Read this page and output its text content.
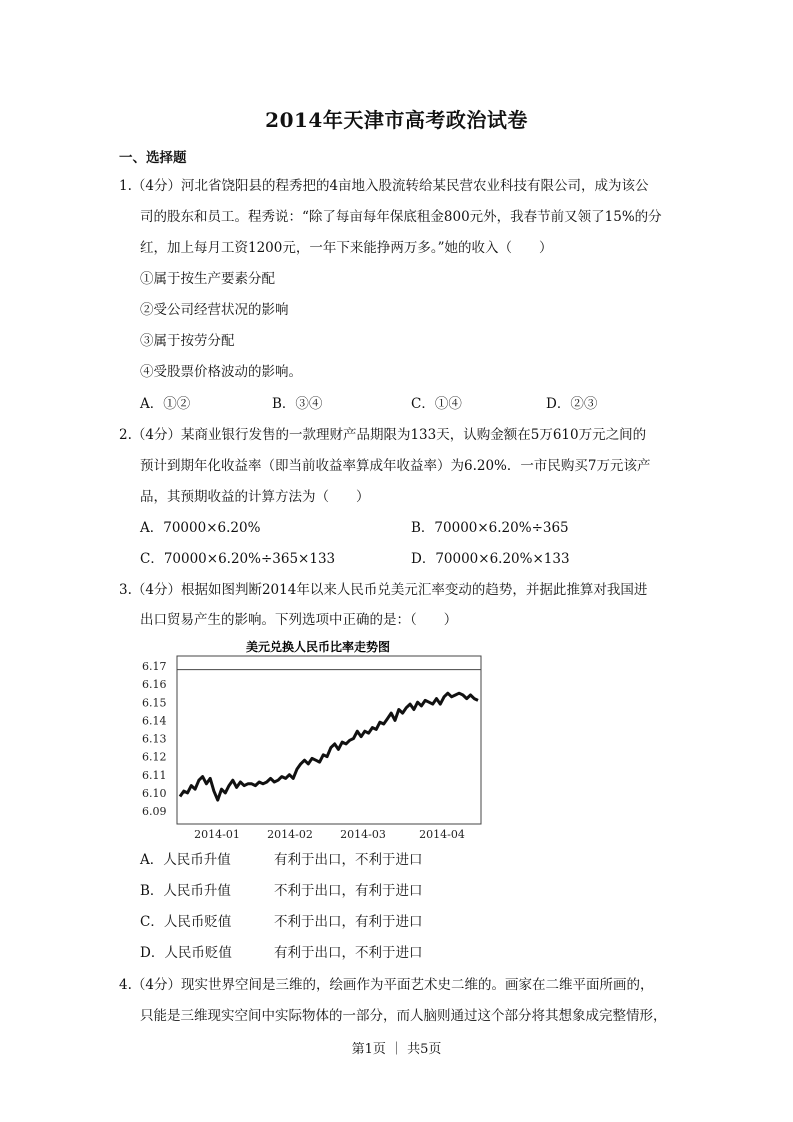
2014年天津市高考政治试卷
一、选择题
1.（4分）河北省饶阳县的程秀把的4亩地入股流转给某民营农业科技有限公司，成为该公
司的股东和员工。程秀说：“除了每亩每年保底租金800元外，我春节前又领了15%的分
红，加上每月工资1200元，一年下来能挣两万多。”她的收入（　　）
①属于按生产要素分配
②受公司经营状况的影响
③属于按劳分配
④受股票价格波动的影响。
A．①②	B．③④	C．①④	D．②③
2.（4分）某商业银行发售的一款理财产品期限为133天，认购金额在5万610万元之间的
预计到期年化收益率（即当前收益率算成年收益率）为6.20%．一市民购买7万元该产
品，其预期收益的计算方法为（　　）
A．70000×6.20%	B．70000×6.20%÷365
C．70000×6.20%÷365×133	D．70000×6.20%×133
3.（4分）根据如图判断2014年以来人民币兑美元汇率变动的趋势，并据此推算对我国进
出口贸易产生的影响。下列选项中正确的是：（　　）
美元兑换人民币比率走势图
6.09
6.10
6.11
6.12
6.13
6.14
6.15
6.16
6.17
2014-01 2014-02 2014-03	2014-04
A．人民币升值	有利于出口，不利于进口
B．人民币升值	不利于出口，有利于进口
C．人民币贬值	不利于出口，有利于进口
D．人民币贬值	有利于出口，不利于进口
4.（4分）现实世界空间是三维的，绘画作为平面艺术史二维的。画家在二维平面所画的，
只能是三维现实空间中实际物体的一部分，而人脑则通过这个部分将其想象成完整情形，
第1页 ｜ 共5页
